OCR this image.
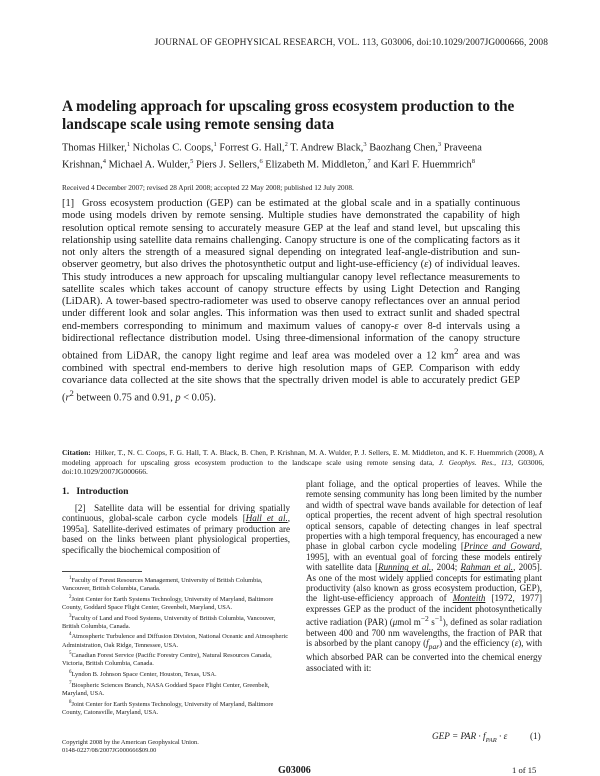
JOURNAL OF GEOPHYSICAL RESEARCH, VOL. 113, G03006, doi:10.1029/2007JG000666, 2008
A modeling approach for upscaling gross ecosystem production to the landscape scale using remote sensing data
Thomas Hilker,$^1$ Nicholas C. Coops,$^1$ Forrest G. Hall,$^2$ T. Andrew Black,$^3$ Baozhang Chen,$^3$ Praveena Krishnan,$^4$ Michael A. Wulder,$^5$ Piers J. Sellers,$^6$ Elizabeth M. Middleton,$^7$ and Karl F. Huemmrich$^8$
Received 4 December 2007; revised 28 April 2008; accepted 22 May 2008; published 12 July 2008.
[1] Gross ecosystem production (GEP) can be estimated at the global scale and in a spatially continuous mode using models driven by remote sensing. Multiple studies have demonstrated the capability of high resolution optical remote sensing to accurately measure GEP at the leaf and stand level, but upscaling this relationship using satellite data remains challenging. Canopy structure is one of the complicating factors as it not only alters the strength of a measured signal depending on integrated leaf-angle-distribution and sun-observer geometry, but also drives the photosynthetic output and light-use-efficiency (ε) of individual leaves. This study introduces a new approach for upscaling multiangular canopy level reflectance measurements to satellite scales which takes account of canopy structure effects by using Light Detection and Ranging (LiDAR). A tower-based spectro-radiometer was used to observe canopy reflectances over an annual period under different look and solar angles. This information was then used to extract sunlit and shaded spectral end-members corresponding to minimum and maximum values of canopy-ε over 8-d intervals using a bidirectional reflectance distribution model. Using three-dimensional information of the canopy structure obtained from LiDAR, the canopy light regime and leaf area was modeled over a 12 $km^2$ area and was combined with spectral end-members to derive high resolution maps of GEP. Comparison with eddy covariance data collected at the site shows that the spectrally driven model is able to accurately predict GEP ($r^2$ between 0.75 and 0.91, p < 0.05).
Citation: Hilker, T., N. C. Coops, F. G. Hall, T. A. Black, B. Chen, P. Krishnan, M. A. Wulder, P. J. Sellers, E. M. Middleton, and K. F. Huemmrich (2008), A modeling approach for upscaling gross ecosystem production to the landscape scale using remote sensing data, J. Geophys. Res., 113, G03006, doi:10.1029/2007JG000666.
1.   Introduction
[2] Satellite data will be essential for driving spatially continuous, global-scale carbon cycle models [Hall et al., 1995a]. Satellite-derived estimates of primary production are based on the links between plant physiological properties, specifically the biochemical composition of
$^1$Faculty of Forest Resources Management, University of British Columbia, Vancouver, British Columbia, Canada.
$^2$Joint Center for Earth Systems Technology, University of Maryland, Baltimore County, Goddard Space Flight Center, Greenbelt, Maryland, USA.
$^3$Faculty of Land and Food Systems, University of British Columbia, Vancouver, British Columbia, Canada.
$^4$Atmospheric Turbulence and Diffusion Division, National Oceanic and Atmospheric Administration, Oak Ridge, Tennessee, USA.
$^5$Canadian Forest Service (Pacific Forestry Centre), Natural Resources Canada, Victoria, British Columbia, Canada.
$^6$Lyndon B. Johnson Space Center, Houston, Texas, USA.
$^7$Biospheric Sciences Branch, NASA Goddard Space Flight Center, Greenbelt, Maryland, USA.
$^8$Joint Center for Earth Systems Technology, University of Maryland, Baltimore County, Catonsville, Maryland, USA.
Copyright 2008 by the American Geophysical Union.
0148-0227/08/2007JG000666$09.00
plant foliage, and the optical properties of leaves. While the remote sensing community has long been limited by the number and width of spectral wave bands available for detection of leaf optical properties, the recent advent of high spectral resolution optical sensors, capable of detecting changes in leaf spectral properties with a high temporal frequency, has encouraged a new phase in global carbon cycle modeling [Prince and Goward, 1995], with an eventual goal of forcing these models entirely with satellite data [Running et al., 2004; Rahman et al., 2005]. As one of the most widely applied concepts for estimating plant productivity (also known as gross ecosystem production, GEP), the light-use-efficiency approach of Monteith [1972, 1977] expresses GEP as the product of the incident photosynthetically active radiation (PAR) (μmol $m^{-2}$ $s^{-1}$), defined as solar radiation between 400 and 700 nm wavelengths, the fraction of PAR that is absorbed by the plant canopy $(f_{par})$ and the efficiency (ε), with which absorbed PAR can be converted into the chemical energy associated with it:
GEP = PAR · $f_{PAR} \cdot \varepsilon$ (1)
G03006	1 of 15
